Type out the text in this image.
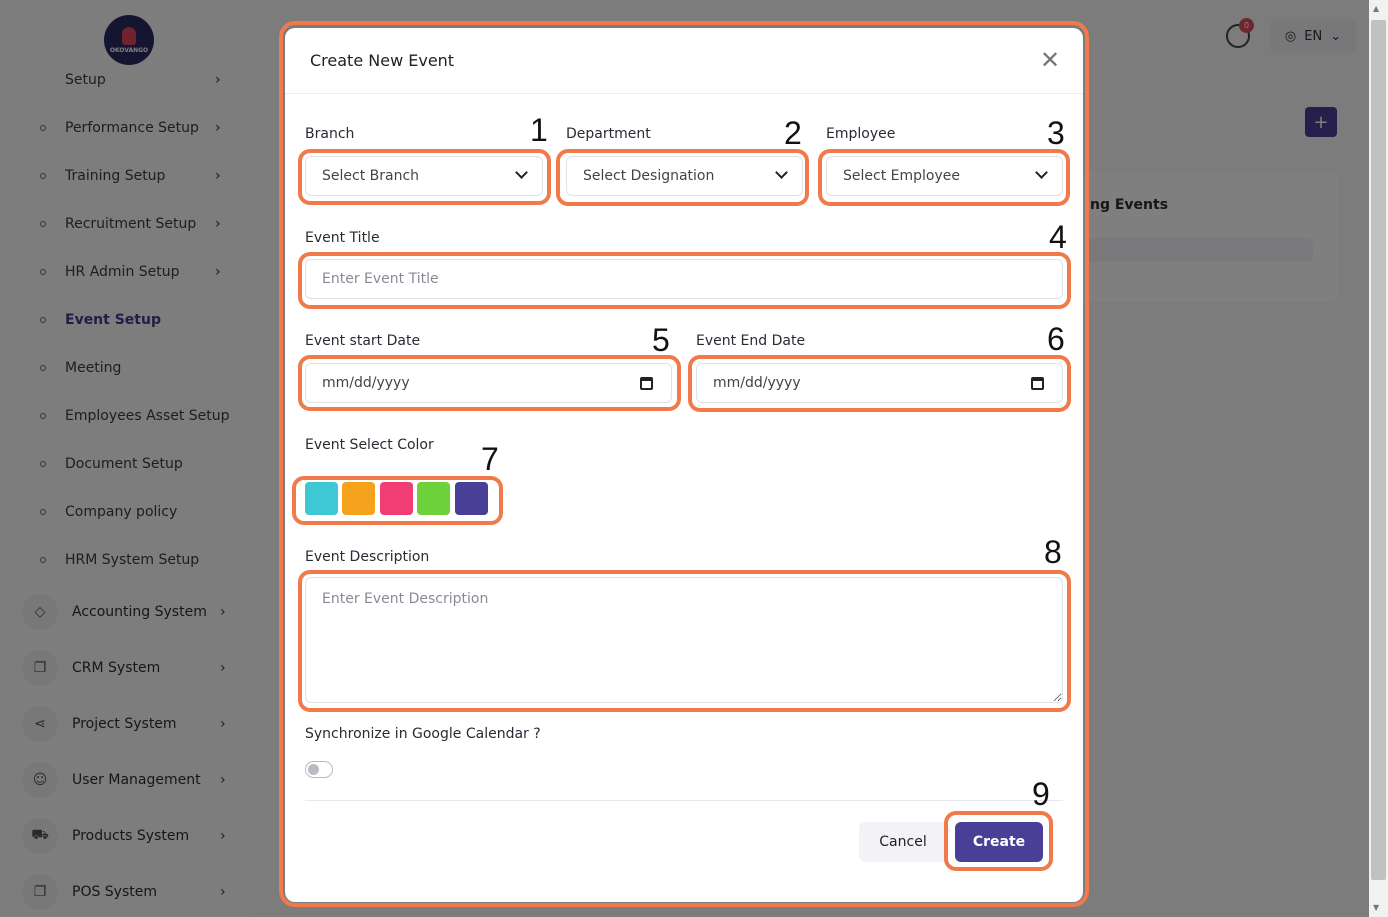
▲
▼
Create New Event	✕
Branch	1
Select Branch
Department	2
Select Designation
Employee	3
Select Employee
Event Title	4
Enter Event Title
Event start Date	5
mm/dd/yyyy
Event End Date	6
mm/dd/yyyy
Event Select Color 7
Event Description	8
Enter Event Description
Synchronize in Google Calendar ?
Cancel
9
Create
